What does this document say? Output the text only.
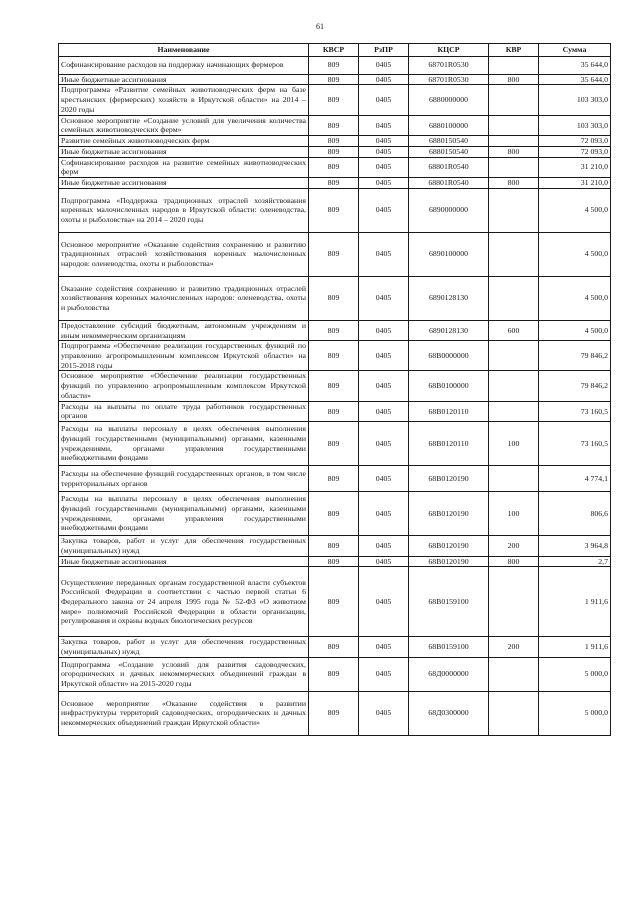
61
Наименование	КВСР	РзПР	КЦСР	КВР	Сумма
Софинансирование расходов на поддержку начинающих фермеров	809	0405	68701R0530		35 644,0
Иные бюджетные ассигнования	809	0405	68701R0530	800	35 644,0
Подпрограмма «Развитие семейных животноводческих ферм на базе крестьянских (фермерских) хозяйств в Иркутской области» на 2014 – 2020 годы	809	0405	6880000000		103 303,0
Основное мероприятие «Создание условий для увеличения количества семейных животноводческих ферм»	809	0405	6880100000		103 303,0
Развитие семейных животноводческих ферм	809	0405	6880150540		72 093,0
Иные бюджетные ассигнования	809	0405	6880150540	800	72 093,0
Софинансирование расходов на развитие семейных животноводческих ферм	809	0405	68801R0540		31 210,0
Иные бюджетные ассигнования	809	0405	68801R0540	800	31 210,0
Подпрограмма «Поддержка традиционных отраслей хозяйствования коренных малочисленных народов в Иркутской области: оленеводства, охоты и рыболовства» на 2014 – 2020 годы	809	0405	6890000000		4 500,0
Основное мероприятие «Оказание содействия сохранению и развитию традиционных отраслей хозяйствования коренных малочисленных народов: оленеводства, охоты и рыболовства»	809	0405	6890100000		4 500,0
Оказание содействия сохранению и развитию традиционных отраслей хозяйствования коренных малочисленных народов: оленеводства, охоты и рыболовства	809	0405	6890128130		4 500,0
Предоставление субсидий бюджетным, автономным учреждениям и иным некоммерческим организациям	809	0405	6890128130	600	4 500,0
Подпрограмма «Обеспечение реализации государственных функций по управлению агропромышленным комплексом Иркутской области» на 2015-2018 годы	809	0405	68В0000000		79 846,2
Основное мероприятие «Обеспечение реализации государственных функций по управлению агропромышленным комплексом Иркутской области»	809	0405	68В0100000		79 846,2
Расходы на выплаты по оплате труда работников государственных органов	809	0405	68В0120110		73 160,5
Расходы на выплаты персоналу в целях обеспечения выполнения функций государственными (муниципальными) органами, казенными учреждениями, органами управления государственными внебюджетными фондами	809	0405	68В0120110	100	73 160,5
Расходы на обеспечение функций государственных органов, в том числе территориальных органов	809	0405	68В0120190		4 774,1
Расходы на выплаты персоналу в целях обеспечения выполнения функций государственными (муниципальными) органами, казенными учреждениями, органами управления государственными внебюджетными фондами	809	0405	68В0120190	100	806,6
Закупка товаров, работ и услуг для обеспечения государственных (муниципальных) нужд	809	0405	68В0120190	200	3 964,8
Иные бюджетные ассигнования	809	0405	68В0120190	800	2,7
Осуществление переданных органам государственной власти субъектов Российской Федерации в соответствии с частью первой статьи 6 Федерального закона от 24 апреля 1995 года № 52-ФЗ «О животном мире» полномочий Российской Федерации в области организации, регулирования и охраны водных биологических ресурсов	809	0405	68В0159100		1 911,6
Закупка товаров, работ и услуг для обеспечения государственных (муниципальных) нужд	809	0405	68В0159100	200	1 911,6
Подпрограмма «Создание условий для развития садоводческих, огороднических и дачных некоммерческих объединений граждан в Иркутской области» на 2015-2020 годы	809	0405	68Д0000000		5 000,0
Основное мероприятие «Оказание содействия в развитии инфраструктуры территорий садоводческих, огороднических и дачных некоммерческих объединений граждан Иркутской области»	809	0405	68Д0300000		5 000,0
